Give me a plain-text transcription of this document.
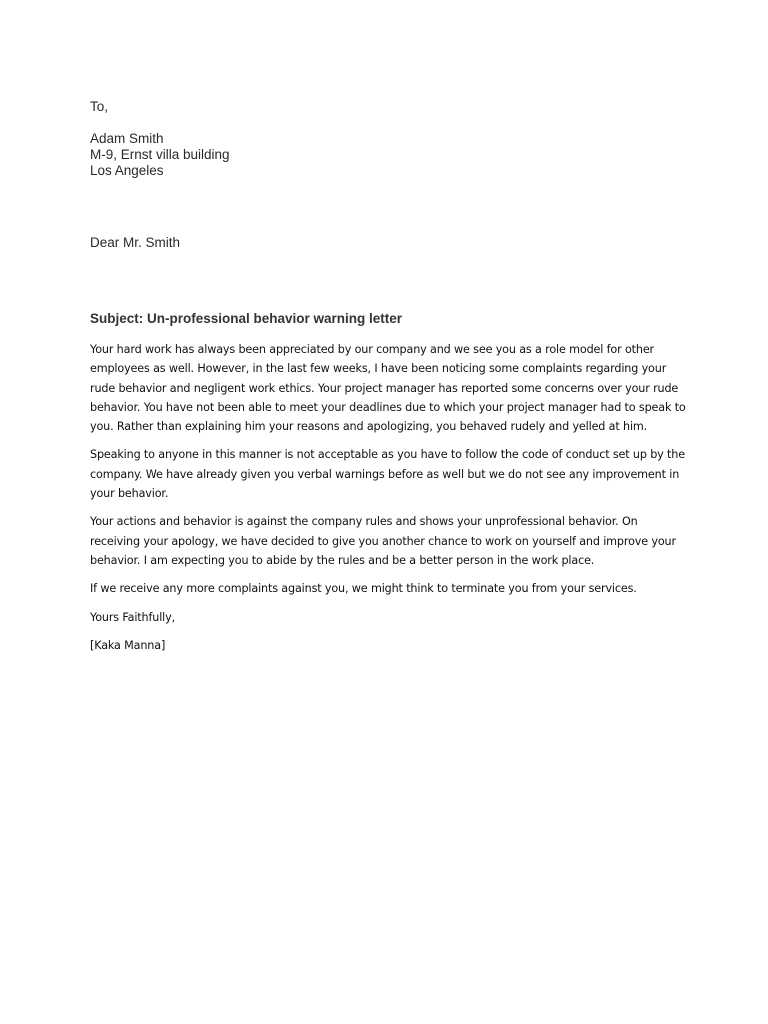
To,
Adam Smith
M-9, Ernst villa building
Los Angeles
Dear Mr. Smith
Subject: Un-professional behavior warning letter

Your hard work has always been appreciated by our company and we see you as a role model for other employees as well. However, in the last few weeks, I have been noticing some complaints regarding your rude behavior and negligent work ethics. Your project manager has reported some concerns over your rude behavior. You have not been able to meet your deadlines due to which your project manager had to speak to you. Rather than explaining him your reasons and apologizing, you behaved rudely and yelled at him.

Speaking to anyone in this manner is not acceptable as you have to follow the code of conduct set up by the company. We have already given you verbal warnings before as well but we do not see any improvement in your behavior.

Your actions and behavior is against the company rules and shows your unprofessional behavior. On receiving your apology, we have decided to give you another chance to work on yourself and improve your behavior. I am expecting you to abide by the rules and be a better person in the work place.

If we receive any more complaints against you, we might think to terminate you from your services.

Yours Faithfully,

[Kaka Manna]
